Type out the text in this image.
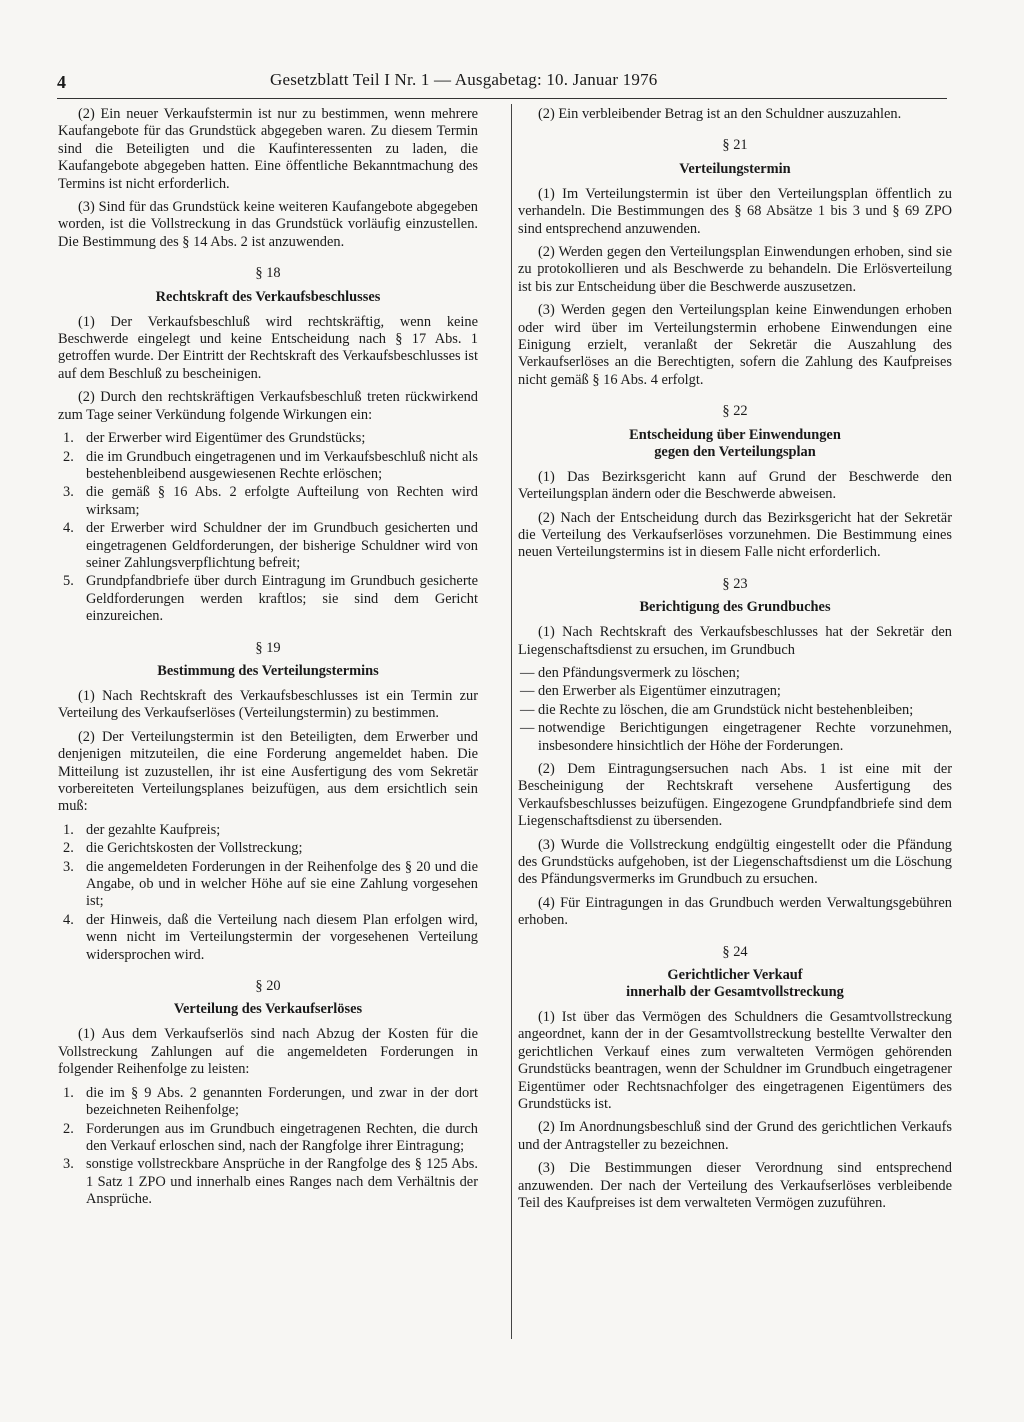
4	Gesetzblatt Teil I Nr. 1 — Ausgabetag: 10. Januar 1976

(2) Ein neuer Verkaufstermin ist nur zu bestimmen, wenn mehrere Kaufangebote für das Grundstück abgegeben waren. Zu diesem Termin sind die Beteiligten und die Kaufinteressenten zu laden, die Kaufangebote abgegeben hatten. Eine öffentliche Bekanntmachung des Termins ist nicht erforderlich.

(3) Sind für das Grundstück keine weiteren Kaufangebote abgegeben worden, ist die Vollstreckung in das Grundstück vorläufig einzustellen. Die Bestimmung des § 14 Abs. 2 ist anzuwenden.

§ 18
Rechtskraft des Verkaufsbeschlusses

(1) Der Verkaufsbeschluß wird rechtskräftig, wenn keine Beschwerde eingelegt und keine Entscheidung nach § 17 Abs. 1 getroffen wurde. Der Eintritt der Rechtskraft des Verkaufsbeschlusses ist auf dem Beschluß zu bescheinigen.

(2) Durch den rechtskräftigen Verkaufsbeschluß treten rückwirkend zum Tage seiner Verkündung folgende Wirkungen ein:

1. der Erwerber wird Eigentümer des Grundstücks;
2. die im Grundbuch eingetragenen und im Verkaufsbeschluß nicht als bestehenbleibend ausgewiesenen Rechte erlöschen;
3. die gemäß § 16 Abs. 2 erfolgte Aufteilung von Rechten wird wirksam;
4. der Erwerber wird Schuldner der im Grundbuch gesicherten und eingetragenen Geldforderungen, der bisherige Schuldner wird von seiner Zahlungsverpflichtung befreit;
5. Grundpfandbriefe über durch Eintragung im Grundbuch gesicherte Geldforderungen werden kraftlos; sie sind dem Gericht einzureichen.
§ 19
Bestimmung des Verteilungstermins

(1) Nach Rechtskraft des Verkaufsbeschlusses ist ein Termin zur Verteilung des Verkaufserlöses (Verteilungstermin) zu bestimmen.

(2) Der Verteilungstermin ist den Beteiligten, dem Erwerber und denjenigen mitzuteilen, die eine Forderung angemeldet haben. Die Mitteilung ist zuzustellen, ihr ist eine Ausfertigung des vom Sekretär vorbereiteten Verteilungsplanes beizufügen, aus dem ersichtlich sein muß:

1. der gezahlte Kaufpreis;
2. die Gerichtskosten der Vollstreckung;
3. die angemeldeten Forderungen in der Reihenfolge des § 20 und die Angabe, ob und in welcher Höhe auf sie eine Zahlung vorgesehen ist;
4. der Hinweis, daß die Verteilung nach diesem Plan erfolgen wird, wenn nicht im Verteilungstermin der vorgesehenen Verteilung widersprochen wird.
§ 20
Verteilung des Verkaufserlöses

(1) Aus dem Verkaufserlös sind nach Abzug der Kosten für die Vollstreckung Zahlungen auf die angemeldeten Forderungen in folgender Reihenfolge zu leisten:

1. die im § 9 Abs. 2 genannten Forderungen, und zwar in der dort bezeichneten Reihenfolge;
2. Forderungen aus im Grundbuch eingetragenen Rechten, die durch den Verkauf erloschen sind, nach der Rangfolge ihrer Eintragung;
3. sonstige vollstreckbare Ansprüche in der Rangfolge des § 125 Abs. 1 Satz 1 ZPO und innerhalb eines Ranges nach dem Verhältnis der Ansprüche.

(2) Ein verbleibender Betrag ist an den Schuldner auszuzahlen.

§ 21
Verteilungstermin

(1) Im Verteilungstermin ist über den Verteilungsplan öffentlich zu verhandeln. Die Bestimmungen des § 68 Absätze 1 bis 3 und § 69 ZPO sind entsprechend anzuwenden.

(2) Werden gegen den Verteilungsplan Einwendungen erhoben, sind sie zu protokollieren und als Beschwerde zu behandeln. Die Erlösverteilung ist bis zur Entscheidung über die Beschwerde auszusetzen.

(3) Werden gegen den Verteilungsplan keine Einwendungen erhoben oder wird über im Verteilungstermin erhobene Einwendungen eine Einigung erzielt, veranlaßt der Sekretär die Auszahlung des Verkaufserlöses an die Berechtigten, sofern die Zahlung des Kaufpreises nicht gemäß § 16 Abs. 4 erfolgt.

§ 22
Entscheidung über Einwendungen
gegen den Verteilungsplan

(1) Das Bezirksgericht kann auf Grund der Beschwerde den Verteilungsplan ändern oder die Beschwerde abweisen.

(2) Nach der Entscheidung durch das Bezirksgericht hat der Sekretär die Verteilung des Verkaufserlöses vorzunehmen. Die Bestimmung eines neuen Verteilungstermins ist in diesem Falle nicht erforderlich.

§ 23
Berichtigung des Grundbuches

(1) Nach Rechtskraft des Verkaufsbeschlusses hat der Sekretär den Liegenschaftsdienst zu ersuchen, im Grundbuch

— den Pfändungsvermerk zu löschen;
— den Erwerber als Eigentümer einzutragen;
— die Rechte zu löschen, die am Grundstück nicht bestehenbleiben;
— notwendige Berichtigungen eingetragener Rechte vorzunehmen, insbesondere hinsichtlich der Höhe der Forderungen.

(2) Dem Eintragungsersuchen nach Abs. 1 ist eine mit der Bescheinigung der Rechtskraft versehene Ausfertigung des Verkaufsbeschlusses beizufügen. Eingezogene Grundpfandbriefe sind dem Liegenschaftsdienst zu übersenden.

(3) Wurde die Vollstreckung endgültig eingestellt oder die Pfändung des Grundstücks aufgehoben, ist der Liegenschaftsdienst um die Löschung des Pfändungsvermerks im Grundbuch zu ersuchen.

(4) Für Eintragungen in das Grundbuch werden Verwaltungsgebühren erhoben.

§ 24
Gerichtlicher Verkauf
innerhalb der Gesamtvollstreckung

(1) Ist über das Vermögen des Schuldners die Gesamtvollstreckung angeordnet, kann der in der Gesamtvollstreckung bestellte Verwalter den gerichtlichen Verkauf eines zum verwalteten Vermögen gehörenden Grundstücks beantragen, wenn der Schuldner im Grundbuch eingetragener Eigentümer oder Rechtsnachfolger des eingetragenen Eigentümers des Grundstücks ist.

(2) Im Anordnungsbeschluß sind der Grund des gerichtlichen Verkaufs und der Antragsteller zu bezeichnen.

(3) Die Bestimmungen dieser Verordnung sind entsprechend anzuwenden. Der nach der Verteilung des Verkaufserlöses verbleibende Teil des Kaufpreises ist dem verwalteten Vermögen zuzuführen.
